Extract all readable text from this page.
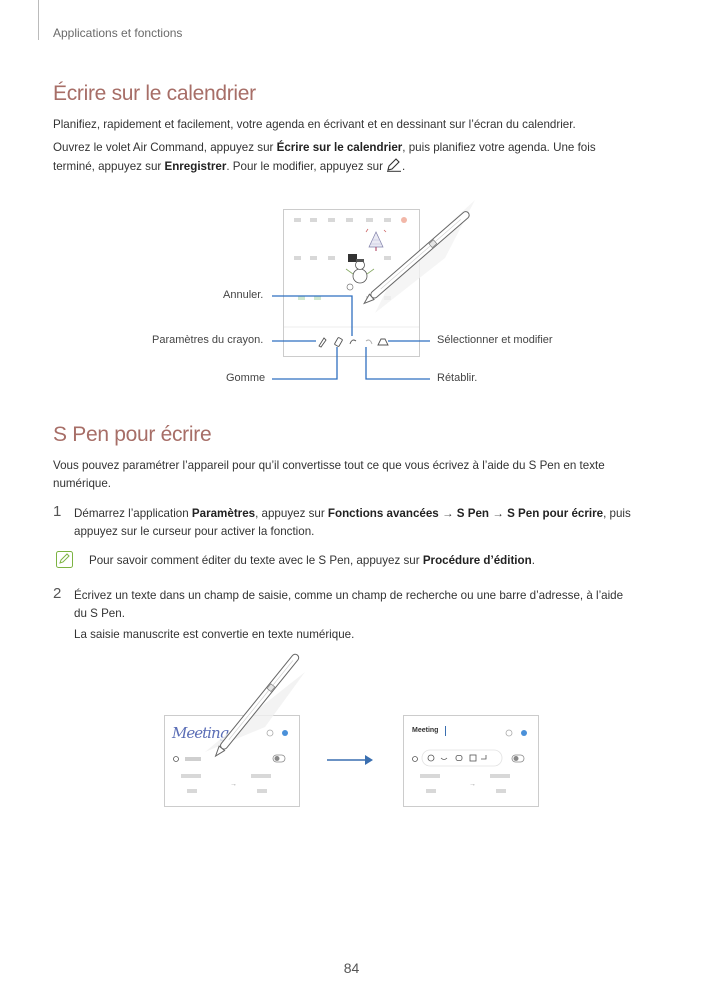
Applications et fonctions
Écrire sur le calendrier
Planifiez, rapidement et facilement, votre agenda en écrivant et en dessinant sur l’écran du calendrier.
Ouvrez le volet Air Command, appuyez sur Écrire sur le calendrier, puis planifiez votre agenda. Une fois
terminé, appuyez sur Enregistrer. Pour le modifier, appuyez sur .
Annuler.
Paramètres du crayon.
Gomme
Sélectionner et modifier
Rétablir.
S Pen pour écrire
Vous pouvez paramétrer l’appareil pour qu’il convertisse tout ce que vous écrivez à l’aide du S Pen en texte
numérique.
1 Démarrez l’application Paramètres, appuyez sur Fonctions avancées → S Pen → S Pen pour écrire, puis
appuyez sur le curseur pour activer la fonction.
Pour savoir comment éditer du texte avec le S Pen, appuyez sur Procédure d’édition.
2 Écrivez un texte dans un champ de saisie, comme un champ de recherche ou une barre d’adresse, à l’aide
du S Pen.
La saisie manuscrite est convertie en texte numérique.
Meeting
→
Meeting
→
84
